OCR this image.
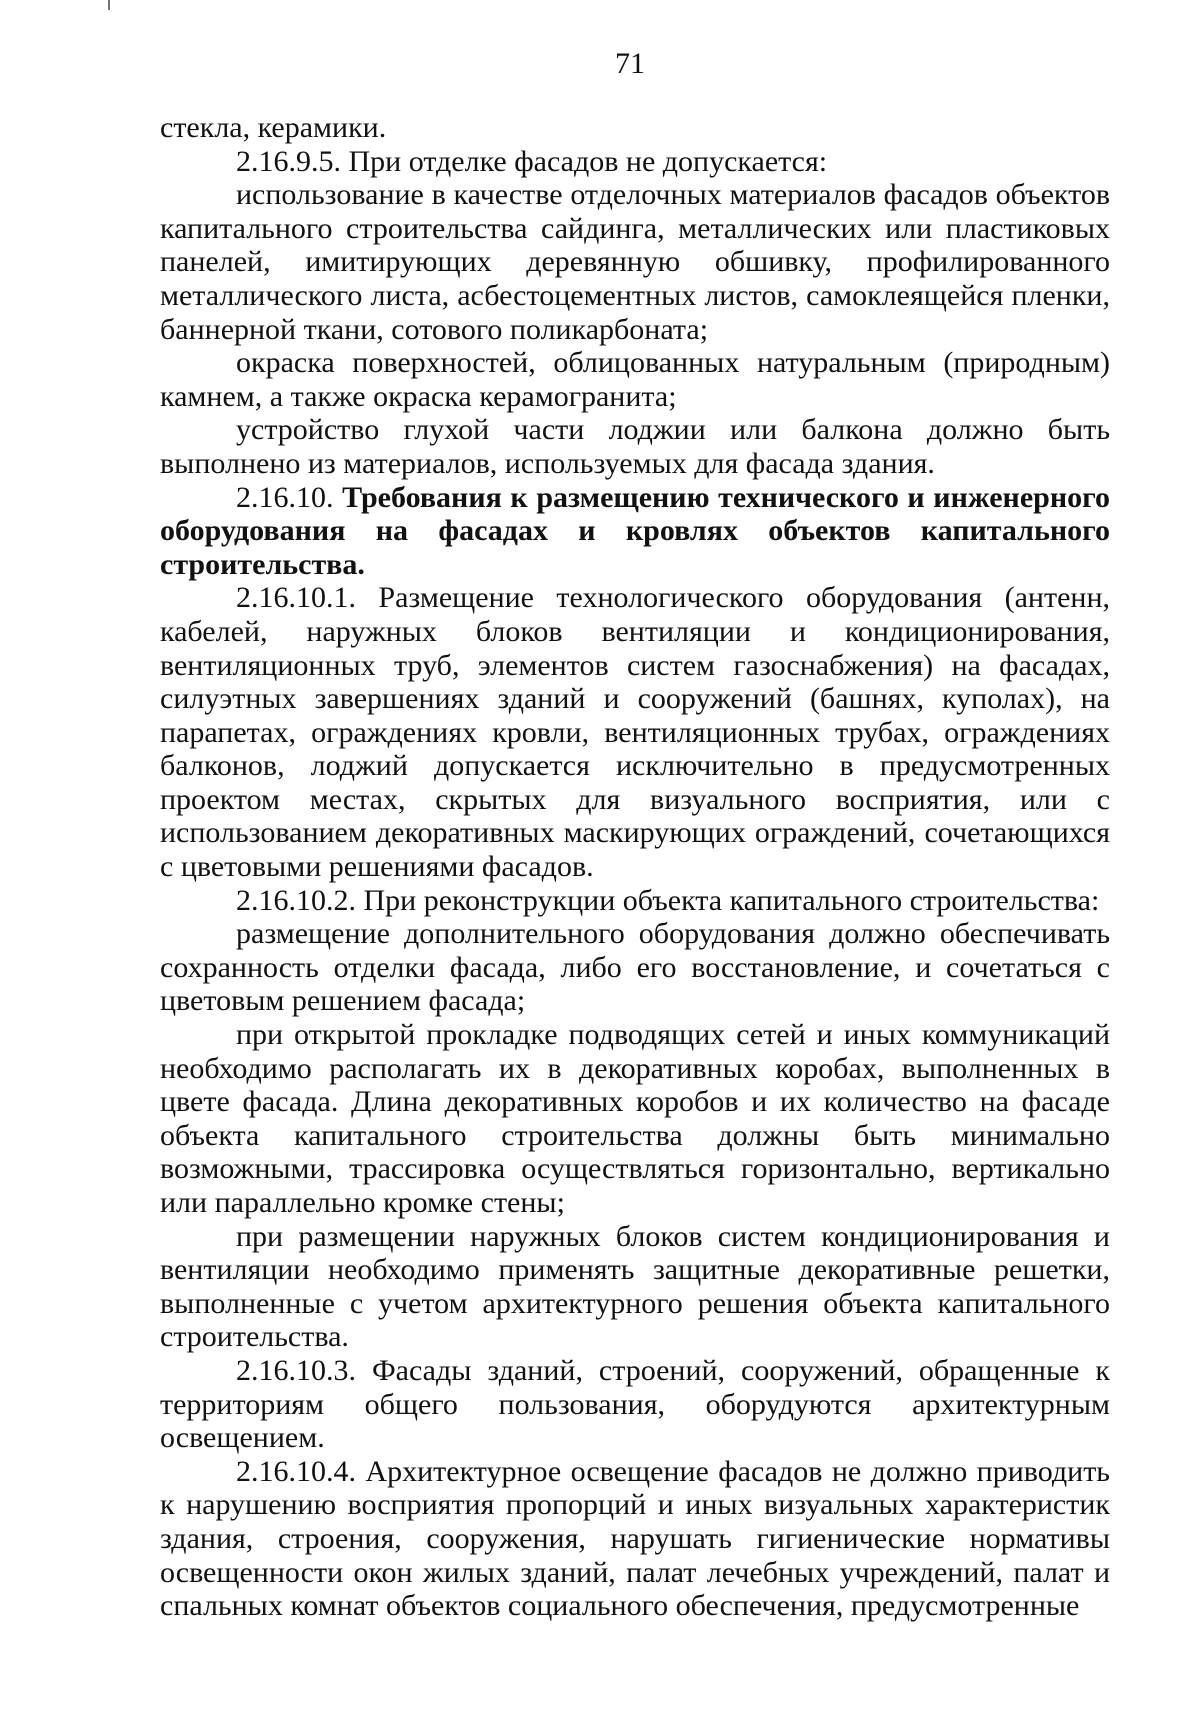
71

стекла, керамики.

2.16.9.5. При отделке фасадов не допускается:

использование в качестве отделочных материалов фасадов объектов капитального строительства сайдинга, металлических или пластиковых панелей, имитирующих деревянную обшивку, профилированного металлического листа, асбестоцементных листов, самоклеящейся пленки, баннерной ткани, сотового поликарбоната;

окраска поверхностей, облицованных натуральным (природным) камнем, а также окраска керамогранита;

устройство глухой части лоджии или балкона должно быть выполнено из материалов, используемых для фасада здания.

2.16.10. Требования к размещению технического и инженерного оборудования на фасадах и кровлях объектов капитального строительства.

2.16.10.1. Размещение технологического оборудования (антенн, кабелей, наружных блоков вентиляции и кондиционирования, вентиляционных труб, элементов систем газоснабжения) на фасадах, силуэтных завершениях зданий и сооружений (башнях, куполах), на парапетах, ограждениях кровли, вентиляционных трубах, ограждениях балконов, лоджий допускается исключительно в предусмотренных проектом местах, скрытых для визуального восприятия, или с использованием декоративных маскирующих ограждений, сочетающихся с цветовыми решениями фасадов.

2.16.10.2. При реконструкции объекта капитального строительства:

размещение дополнительного оборудования должно обеспечивать сохранность отделки фасада, либо его восстановление, и сочетаться с цветовым решением фасада;

при открытой прокладке подводящих сетей и иных коммуникаций необходимо располагать их в декоративных коробах, выполненных в цвете фасада. Длина декоративных коробов и их количество на фасаде объекта капитального строительства должны быть минимально возможными, трассировка осуществляться горизонтально, вертикально или параллельно кромке стены;

при размещении наружных блоков систем кондиционирования и вентиляции необходимо применять защитные декоративные решетки, выполненные с учетом архитектурного решения объекта капитального строительства.

2.16.10.3. Фасады зданий, строений, сооружений, обращенные к территориям общего пользования, оборудуются архитектурным освещением.

2.16.10.4. Архитектурное освещение фасадов не должно приводить к нарушению восприятия пропорций и иных визуальных характеристик здания, строения, сооружения, нарушать гигиенические нормативы освещенности окон жилых зданий, палат лечебных учреждений, палат и спальных комнат объектов социального обеспечения, предусмотренные
